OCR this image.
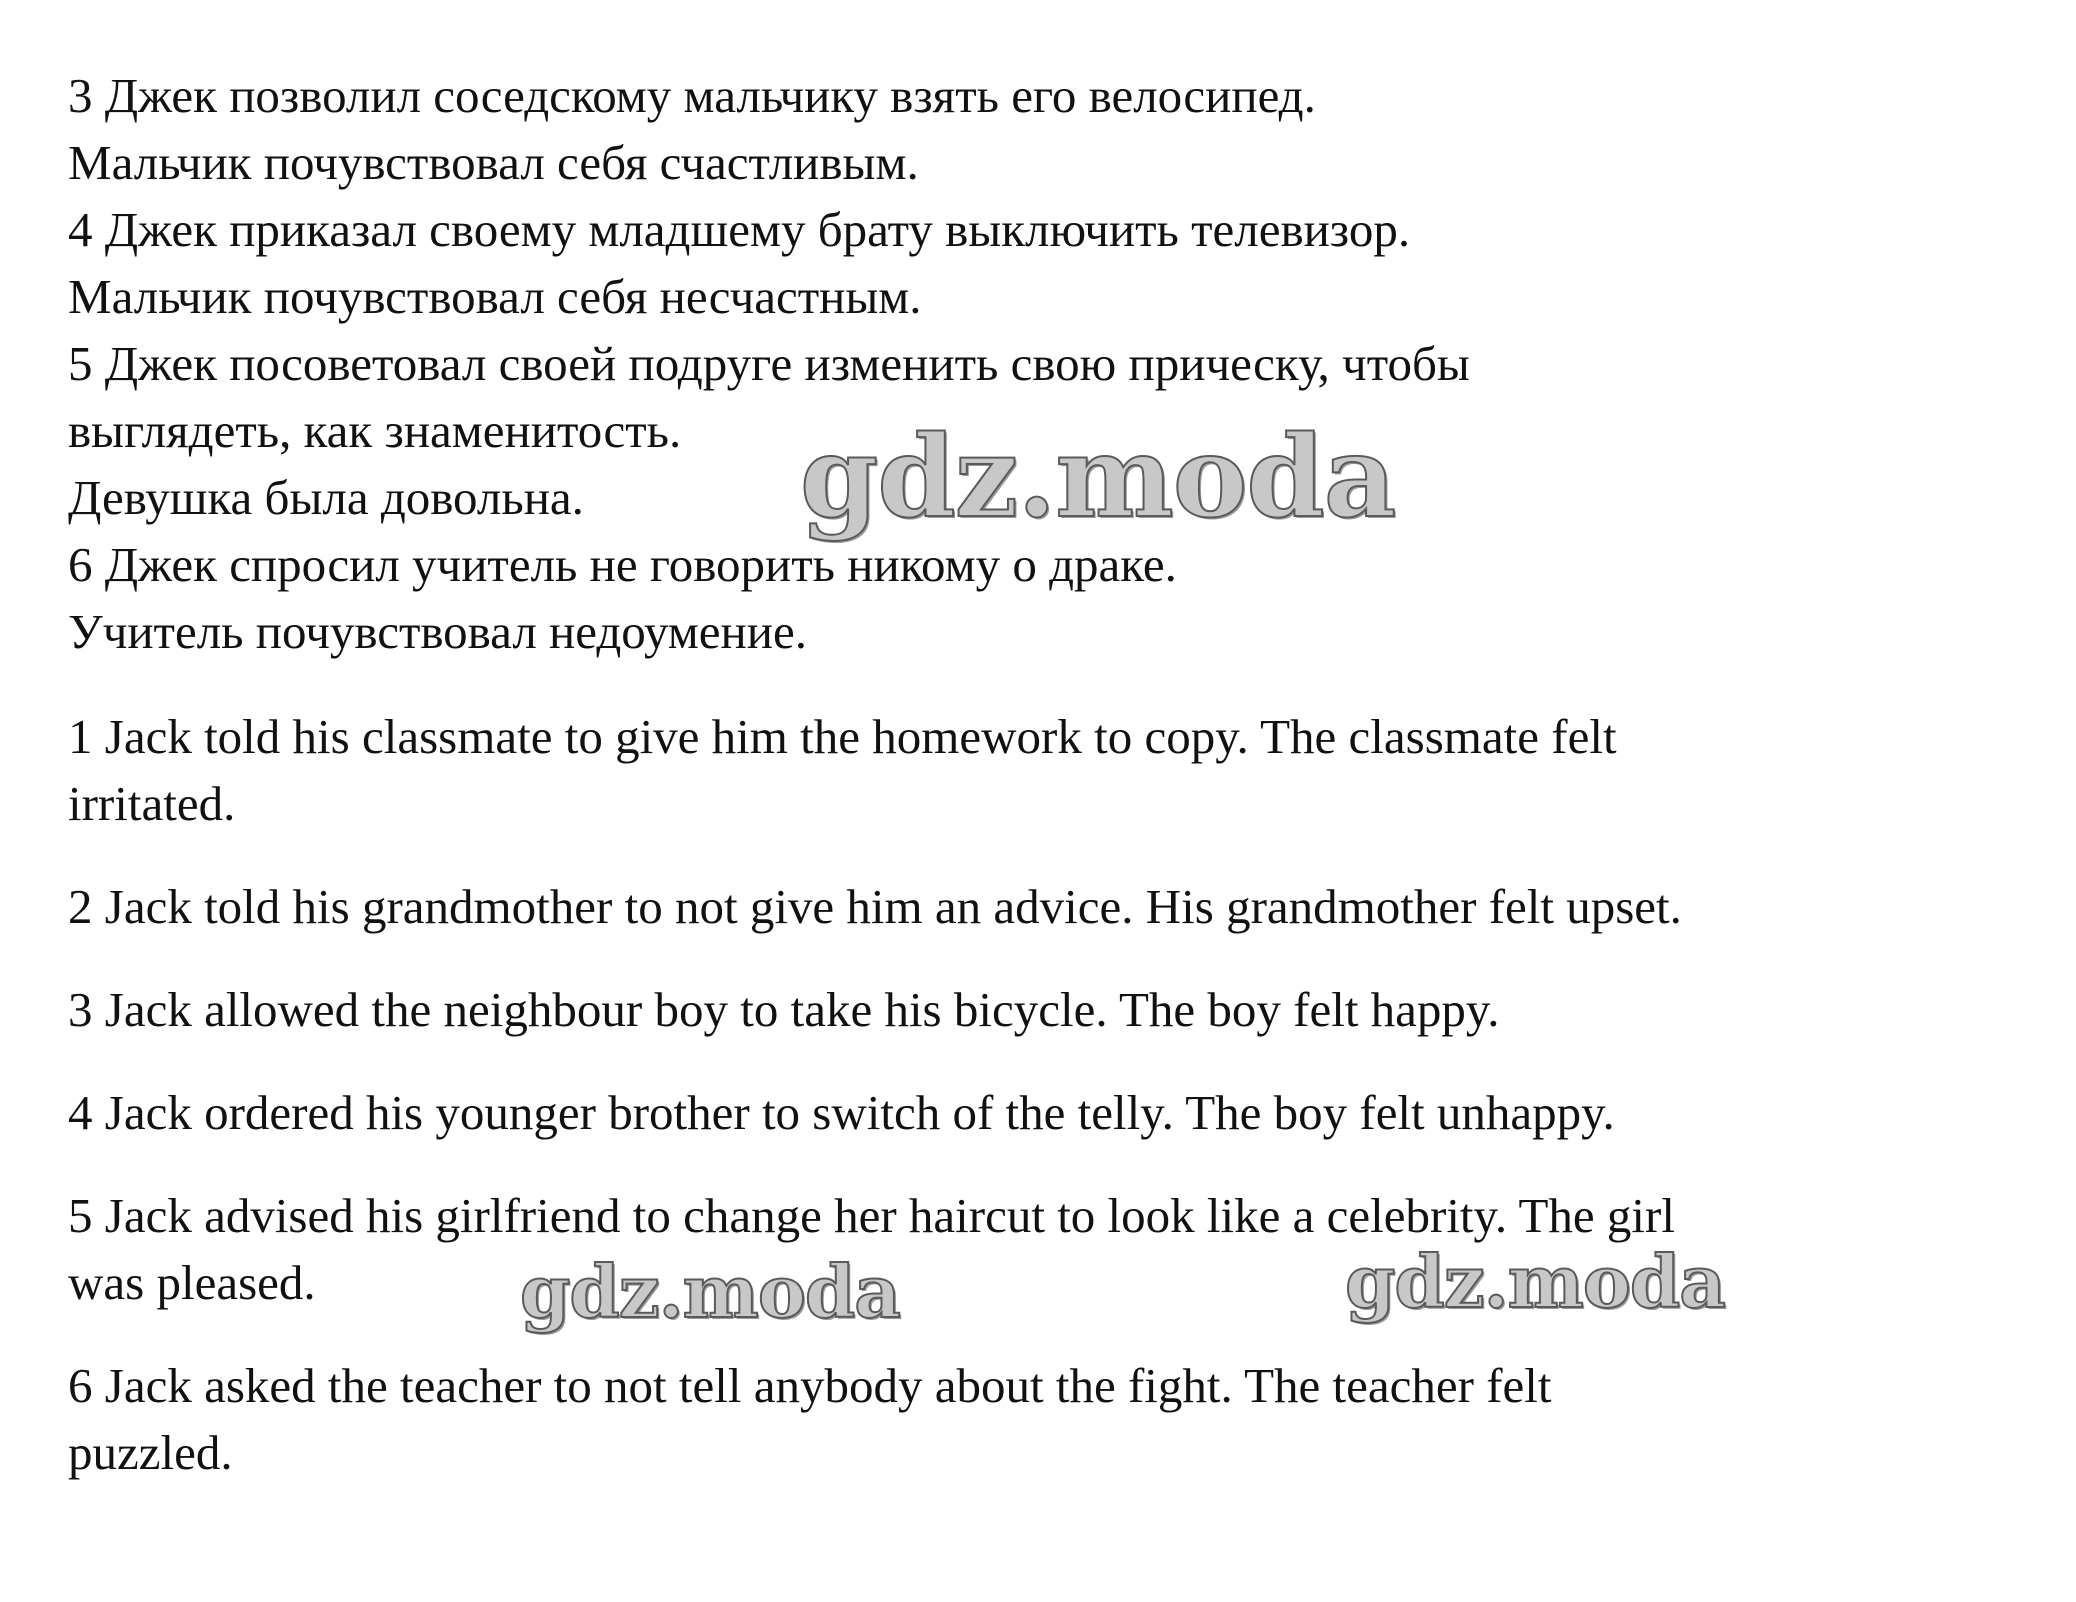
3 Джек позволил соседскому мальчику взять его велосипед.
Мальчик почувствовал себя счастливым.
4 Джек приказал своему младшему брату выключить телевизор.
Мальчик почувствовал себя несчастным.
5 Джек посоветовал своей подруге изменить свою прическу, чтобы
выглядеть, как знаменитость.
Девушка была довольна.
6 Джек спросил учитель не говорить никому о драке.
Учитель почувствовал недоумение.

1 Jack told his classmate to give him the homework to copy. The classmate felt
irritated.

2 Jack told his grandmother to not give him an advice. His grandmother felt upset.

3 Jack allowed the neighbour boy to take his bicycle. The boy felt happy.

4 Jack ordered his younger brother to switch of the telly. The boy felt unhappy.

5 Jack advised his girlfriend to change her haircut to look like a celebrity. The girl
was pleased.

6 Jack asked the teacher to not tell anybody about the fight. The teacher felt
puzzled.

gdz.moda
gdz.moda	gdz.moda
